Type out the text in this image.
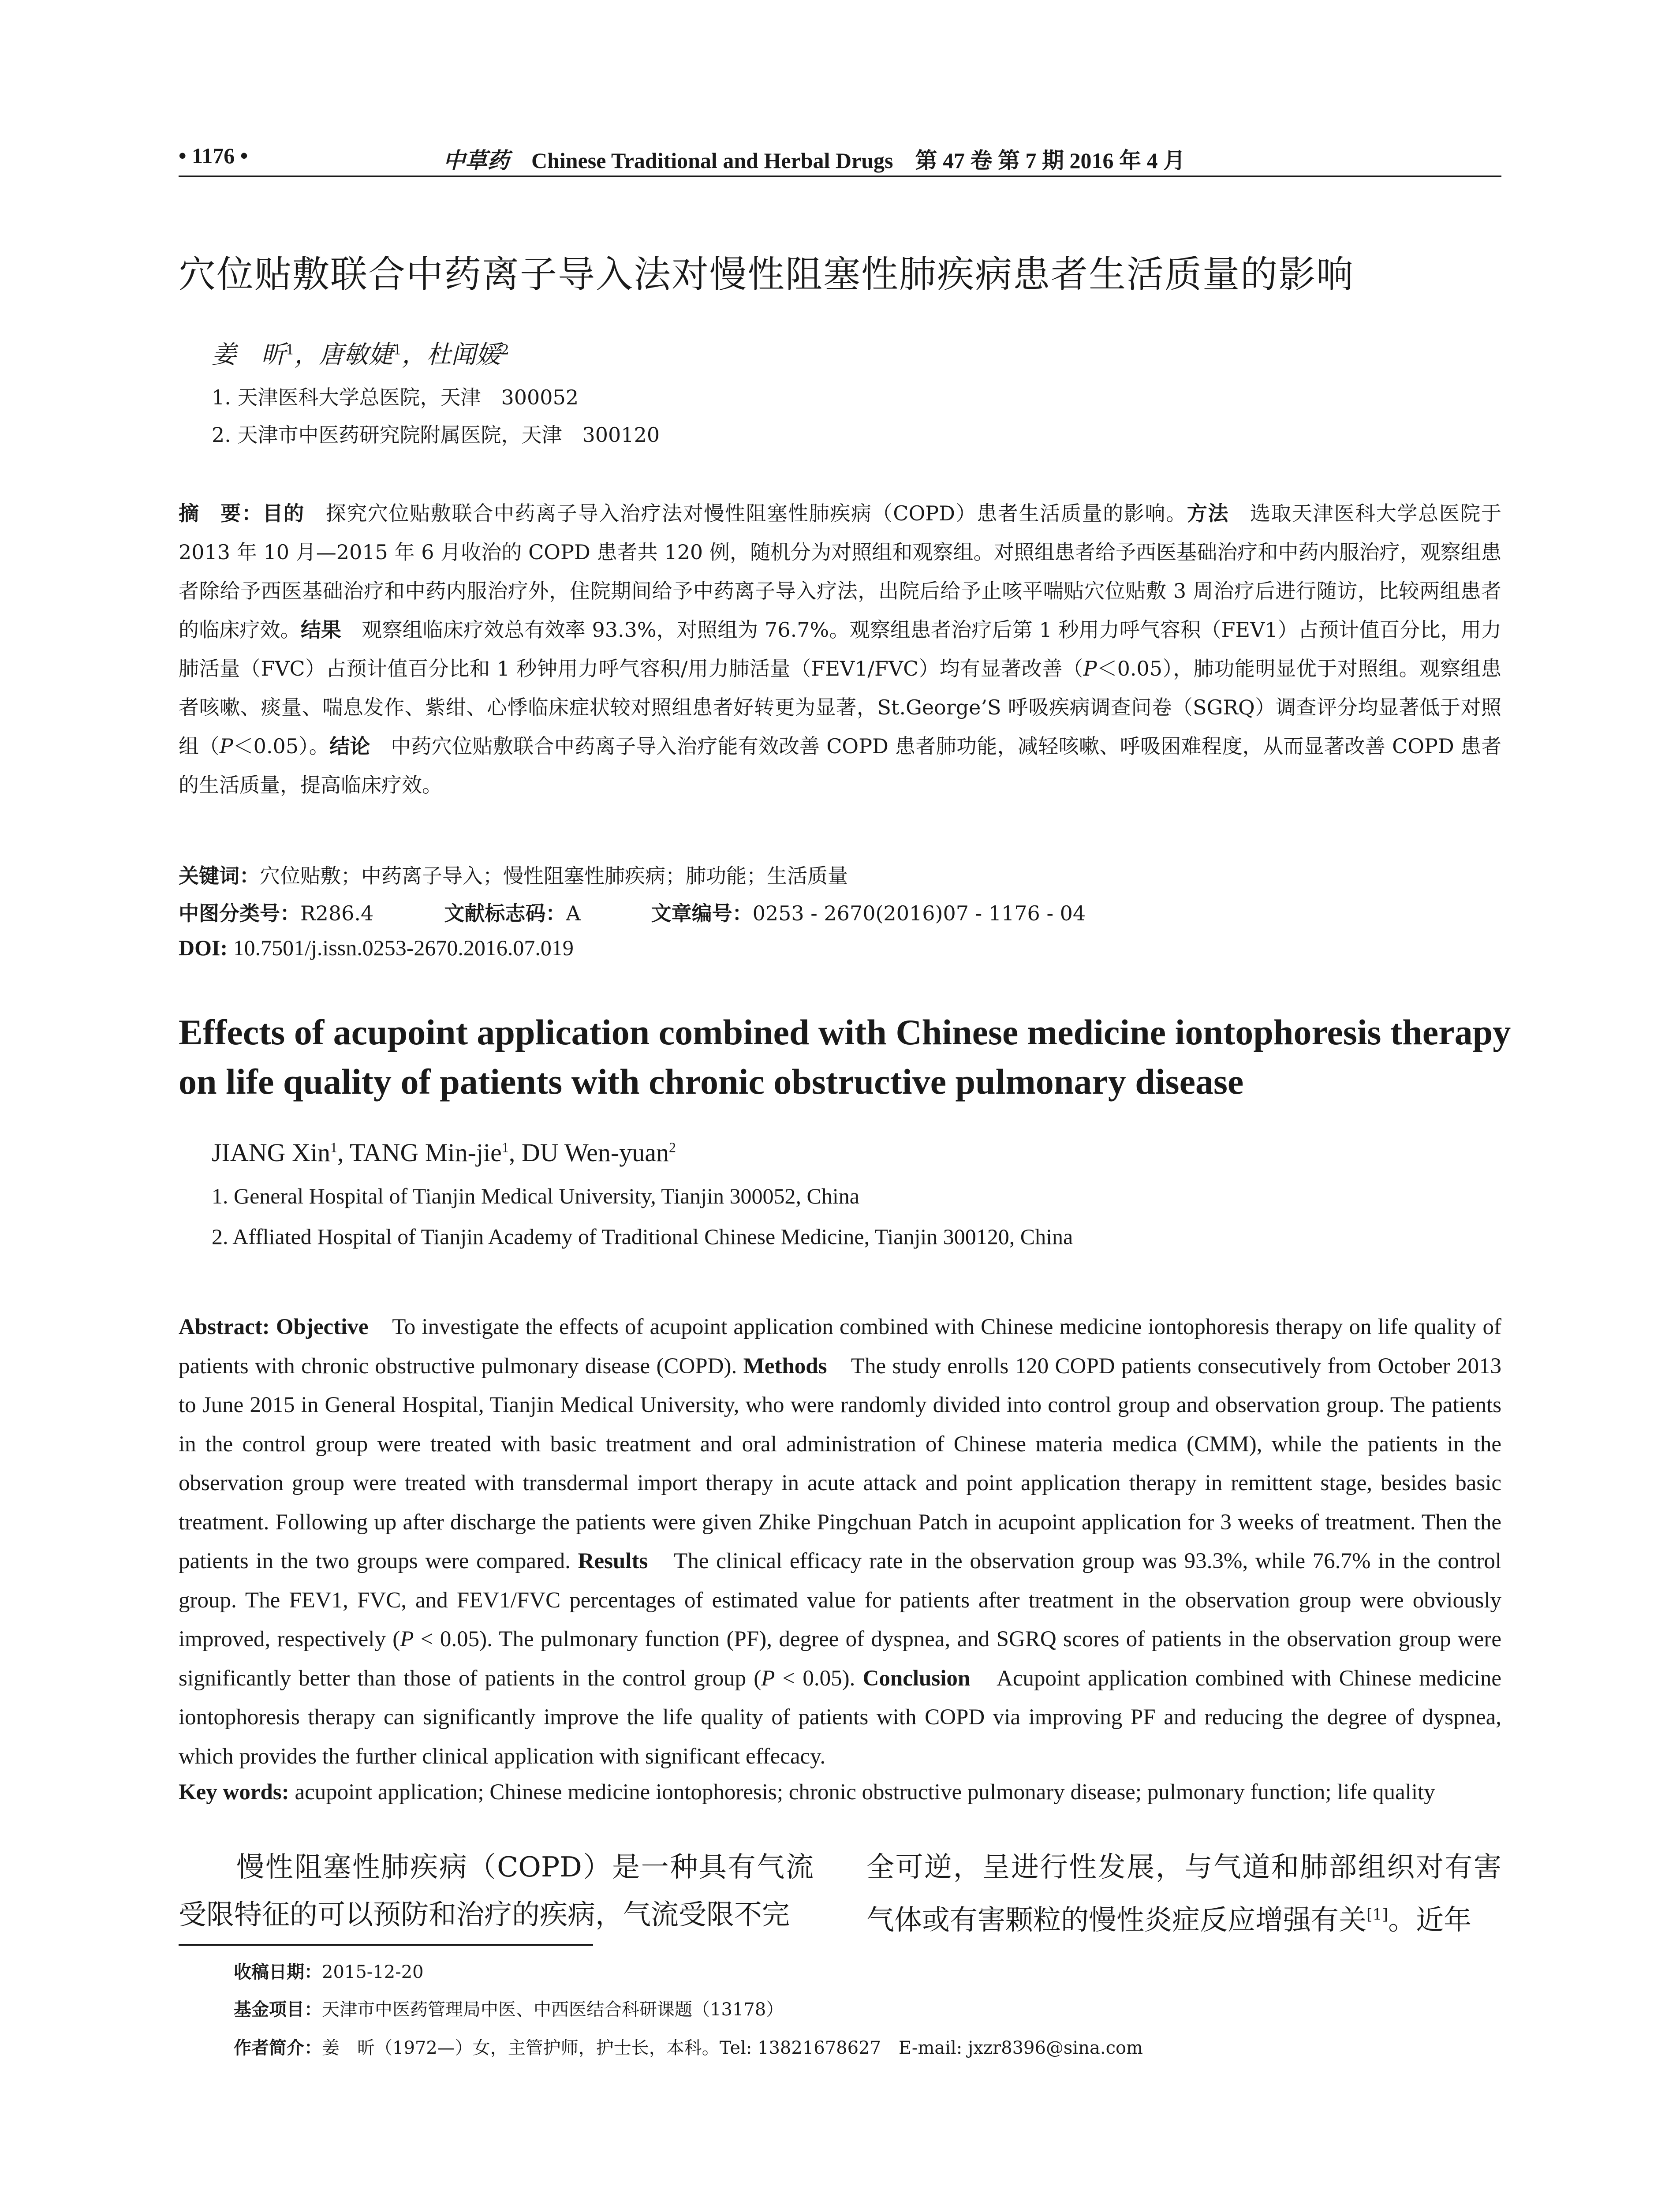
• 1176 •	中草药 Chinese Traditional and Herbal Drugs 第 47 卷 第 7 期 2016 年 4 月
穴位贴敷联合中药离子导入法对慢性阻塞性肺疾病患者生活质量的影响
姜　昕$^1$，唐敏婕$^1$，杜闻媛$^2$
1. 天津医科大学总医院，天津　300052
2. 天津市中医药研究院附属医院，天津　300120
摘　要：目的　探究穴位贴敷联合中药离子导入治疗法对慢性阻塞性肺疾病（COPD）患者生活质量的影响。方法　选取天津医科大学总医院于 2013 年 10 月—2015 年 6 月收治的 COPD 患者共 120 例，随机分为对照组和观察组。对照组患者给予西医基础治疗和中药内服治疗，观察组患者除给予西医基础治疗和中药内服治疗外，住院期间给予中药离子导入疗法，出院后给予止咳平喘贴穴位贴敷 3 周治疗后进行随访，比较两组患者的临床疗效。结果　观察组临床疗效总有效率 93.3%，对照组为 76.7%。观察组患者治疗后第 1 秒用力呼气容积（FEV1）占预计值百分比，用力肺活量（FVC）占预计值百分比和 1 秒钟用力呼气容积/用力肺活量（FEV1/FVC）均有显著改善（P＜0.05），肺功能明显优于对照组。观察组患者咳嗽、痰量、喘息发作、紫绀、心悸临床症状较对照组患者好转更为显著，St.George’S 呼吸疾病调查问卷（SGRQ）调查评分均显著低于对照组（P＜0.05）。结论　中药穴位贴敷联合中药离子导入治疗能有效改善 COPD 患者肺功能，减轻咳嗽、呼吸困难程度，从而显著改善 COPD 患者的生活质量，提高临床疗效。
关键词：穴位贴敷；中药离子导入；慢性阻塞性肺疾病；肺功能；生活质量
中图分类号：R286.4	文献标志码：A	文章编号：0253 - 2670(2016)07 - 1176 - 04
DOI: 10.7501/j.issn.0253-2670.2016.07.019
Effects of acupoint application combined with Chinese medicine iontophoresis therapy on life quality of patients with chronic obstructive pulmonary disease
JIANG Xin$^1$, TANG Min-jie$^1$, DU Wen-yuan$^2$
1. General Hospital of Tianjin Medical University, Tianjin 300052, China
2. Affliated Hospital of Tianjin Academy of Traditional Chinese Medicine, Tianjin 300120, China
Abstract: Objective　To investigate the effects of acupoint application combined with Chinese medicine iontophoresis therapy on life quality of patients with chronic obstructive pulmonary disease (COPD). Methods　The study enrolls 120 COPD patients consecutively from October 2013 to June 2015 in General Hospital, Tianjin Medical University, who were randomly divided into control group and observation group. The patients in the control group were treated with basic treatment and oral administration of Chinese materia medica (CMM), while the patients in the observation group were treated with transdermal import therapy in acute attack and point application therapy in remittent stage, besides basic treatment. Following up after discharge the patients were given Zhike Pingchuan Patch in acupoint application for 3 weeks of treatment. Then the patients in the two groups were compared. Results　The clinical efficacy rate in the observation group was 93.3%, while 76.7% in the control group. The FEV1, FVC, and FEV1/FVC percentages of estimated value for patients after treatment in the observation group were obviously improved, respectively (P < 0.05). The pulmonary function (PF), degree of dyspnea, and SGRQ scores of patients in the observation group were significantly better than those of patients in the control group (P < 0.05). Conclusion　Acupoint application combined with Chinese medicine iontophoresis therapy can significantly improve the life quality of patients with COPD via improving PF and reducing the degree of dyspnea, which provides the further clinical application with significant effecacy.
Key words: acupoint application; Chinese medicine iontophoresis; chronic obstructive pulmonary disease; pulmonary function; life quality
　　慢性阻塞性肺疾病（COPD）是一种具有气流受限特征的可以预防和治疗的疾病，气流受限不完
全可逆，呈进行性发展，与气道和肺部组织对有害气体或有害颗粒的慢性炎症反应增强有关[1]。近年
收稿日期：2015-12-20
基金项目：天津市中医药管理局中医、中西医结合科研课题（13178）
作者简介：姜　昕（1972—）女，主管护师，护士长，本科。Tel: 13821678627　E-mail: jxzr8396@sina.com
